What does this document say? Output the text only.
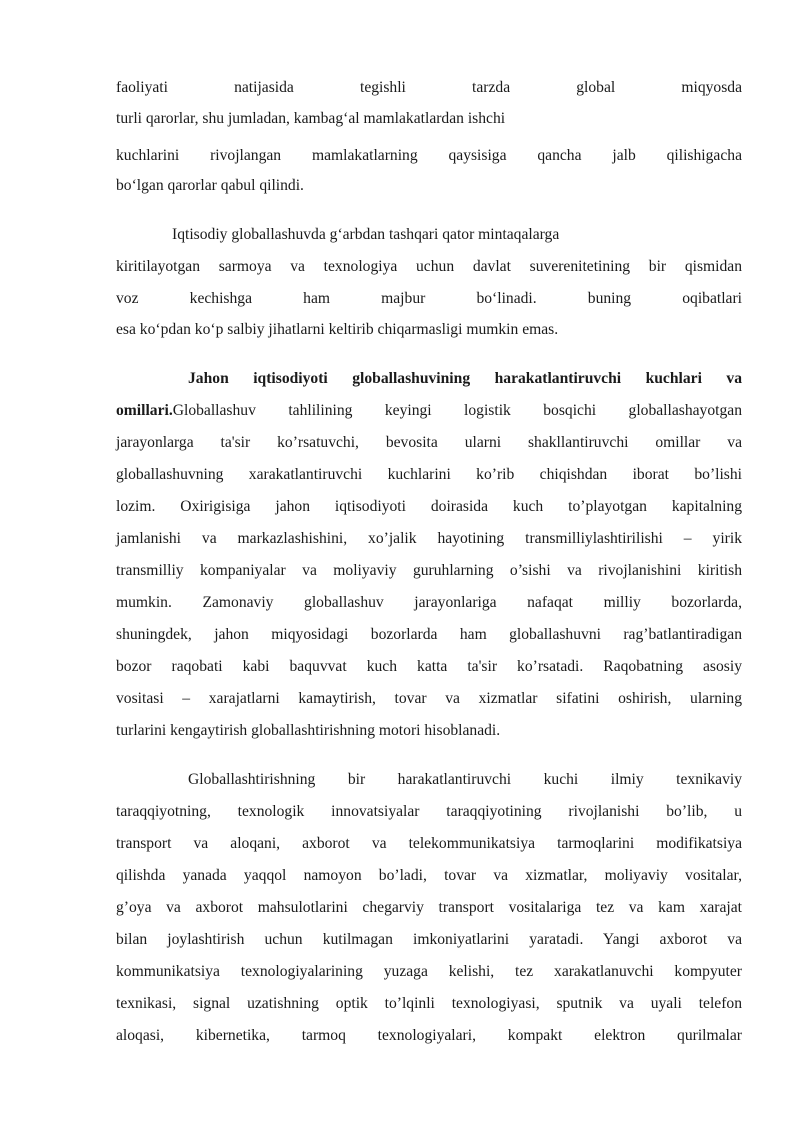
faoliyati natijasida tegishli tarzda global miqyosda
turli qarorlar, shu jumladan, kambag‘al mamlakatlardan ishchi
kuchlarini rivojlangan mamlakatlarning qaysisiga qancha jalb qilishigacha
bo‘lgan qarorlar qabul qilindi.
Iqtisodiy globallashuvda g‘arbdan tashqari qator mintaqalarga
kiritilayotgan sarmoya va texnologiya uchun davlat suverenitetining bir qismidan
voz kechishga ham majbur bo‘linadi. buning oqibatlari
esa ko‘pdan ko‘p salbiy jihatlarni keltirib chiqarmasligi mumkin emas.
Jahon iqtisodiyoti globallashuvining harakatlantiruvchi kuchlari va
omillari. Globallashuv tahlilining keyingi logistik bosqichi globallashayotgan
jarayonlarga ta'sir ko’rsatuvchi, bevosita ularni shakllantiruvchi omillar va
globallashuvning xarakatlantiruvchi kuchlarini ko’rib chiqishdan iborat bo’lishi
lozim. Oxirigisiga jahon iqtisodiyoti doirasida kuch to’playotgan kapitalning
jamlanishi va markazlashishini, xo’jalik hayotining transmilliylashtirilishi – yirik
transmilliy kompaniyalar va moliyaviy guruhlarning o’sishi va rivojlanishini kiritish
mumkin. Zamonaviy globallashuv jarayonlariga nafaqat milliy bozorlarda,
shuningdek, jahon miqyosidagi bozorlarda ham globallashuvni rag’batlantiradigan
bozor raqobati kabi baquvvat kuch katta ta'sir ko’rsatadi. Raqobatning asosiy
vositasi – xarajatlarni kamaytirish, tovar va xizmatlar sifatini oshirish, ularning
turlarini kengaytirish globallashtirishning motori hisoblanadi.
Globallashtirishning bir harakatlantiruvchi kuchi ilmiy texnikaviy
taraqqiyotning, texnologik innovatsiyalar taraqqiyotining rivojlanishi bo’lib, u
transport va aloqani, axborot va telekommunikatsiya tarmoqlarini modifikatsiya
qilishda yanada yaqqol namoyon bo’ladi, tovar va xizmatlar, moliyaviy vositalar,
g’oya va axborot mahsulotlarini chegarviy transport vositalariga tez va kam xarajat
bilan joylashtirish uchun kutilmagan imkoniyatlarini yaratadi. Yangi axborot va
kommunikatsiya texnologiyalarining yuzaga kelishi, tez xarakatlanuvchi kompyuter
texnikasi, signal uzatishning optik to’lqinli texnologiyasi, sputnik va uyali telefon
aloqasi, kibernetika, tarmoq texnologiyalari, kompakt elektron qurilmalar
